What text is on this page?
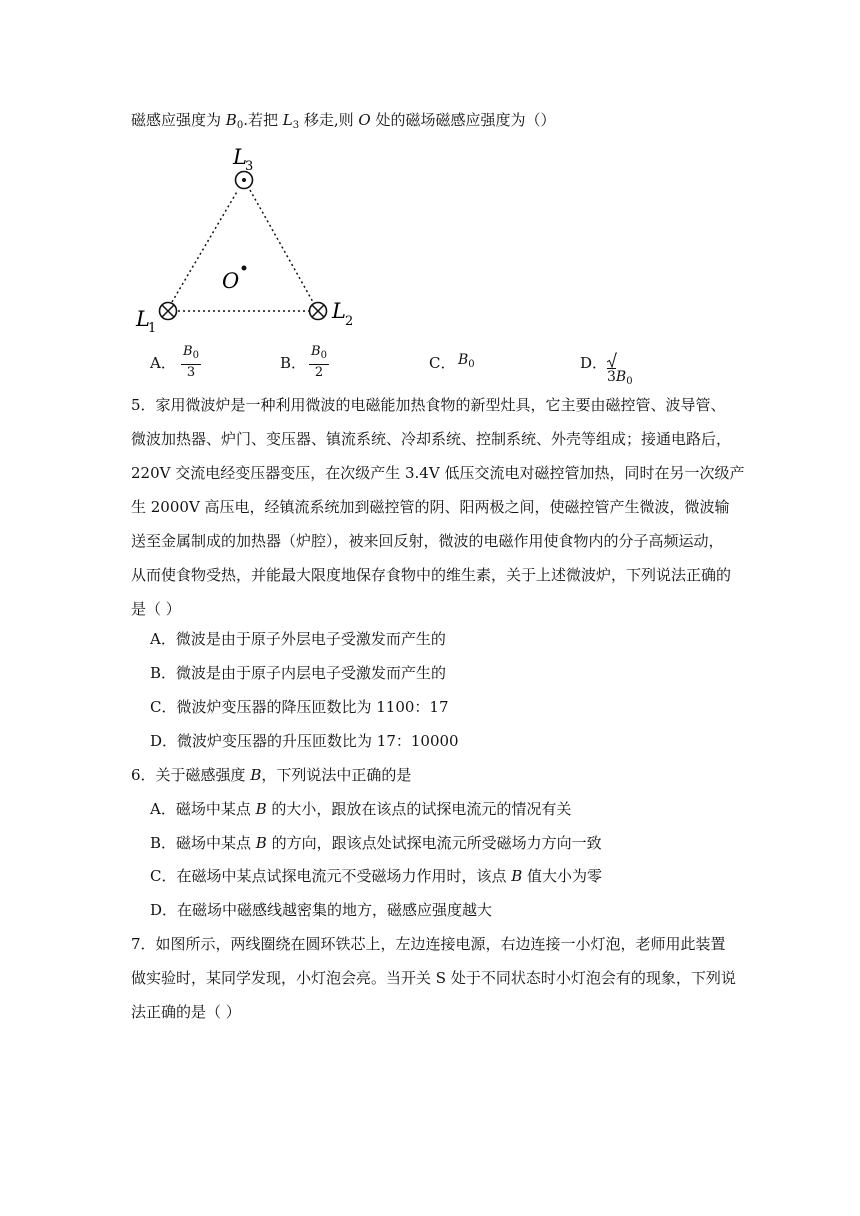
磁感应强度为 $B_0$.若把 $L_3$ 移走,则 O 处的磁场磁感应强度为（）
L
3
L
1
L 2
O
A． $\frac{B_0}{3}$	B． $\frac{B_0}{2}$	C． $B_0$	D．
$3B_0$
5．家用微波炉是一种利用微波的电磁能加热食物的新型灶具，它主要由磁控管、波导管、
微波加热器、炉门、变压器、镇流系统、冷却系统、控制系统、外壳等组成；接通电路后，
220V 交流电经变压器变压，在次级产生 3.4V 低压交流电对磁控管加热，同时在另一次级产
生 2000V 高压电，经镇流系统加到磁控管的阴、阳两极之间，使磁控管产生微波，微波输
送至金属制成的加热器（炉腔），被来回反射，微波的电磁作用使食物内的分子高频运动，
从而使食物受热，并能最大限度地保存食物中的维生素，关于上述微波炉，下列说法正确的
是（ ）
A．微波是由于原子外层电子受激发而产生的
B．微波是由于原子内层电子受激发而产生的
C．微波炉变压器的降压匝数比为 1100：17
D．微波炉变压器的升压匝数比为 17：10000
6．关于磁感强度 B，下列说法中正确的是
A．磁场中某点 B 的大小，跟放在该点的试探电流元的情况有关
B．磁场中某点 B 的方向，跟该点处试探电流元所受磁场力方向一致
C．在磁场中某点试探电流元不受磁场力作用时，该点 B 值大小为零
D．在磁场中磁感线越密集的地方，磁感应强度越大
7．如图所示，两线圈绕在圆环铁芯上，左边连接电源，右边连接一小灯泡，老师用此装置
做实验时，某同学发现，小灯泡会亮。当开关 S 处于不同状态时小灯泡会有的现象，下列说
法正确的是（ ）
